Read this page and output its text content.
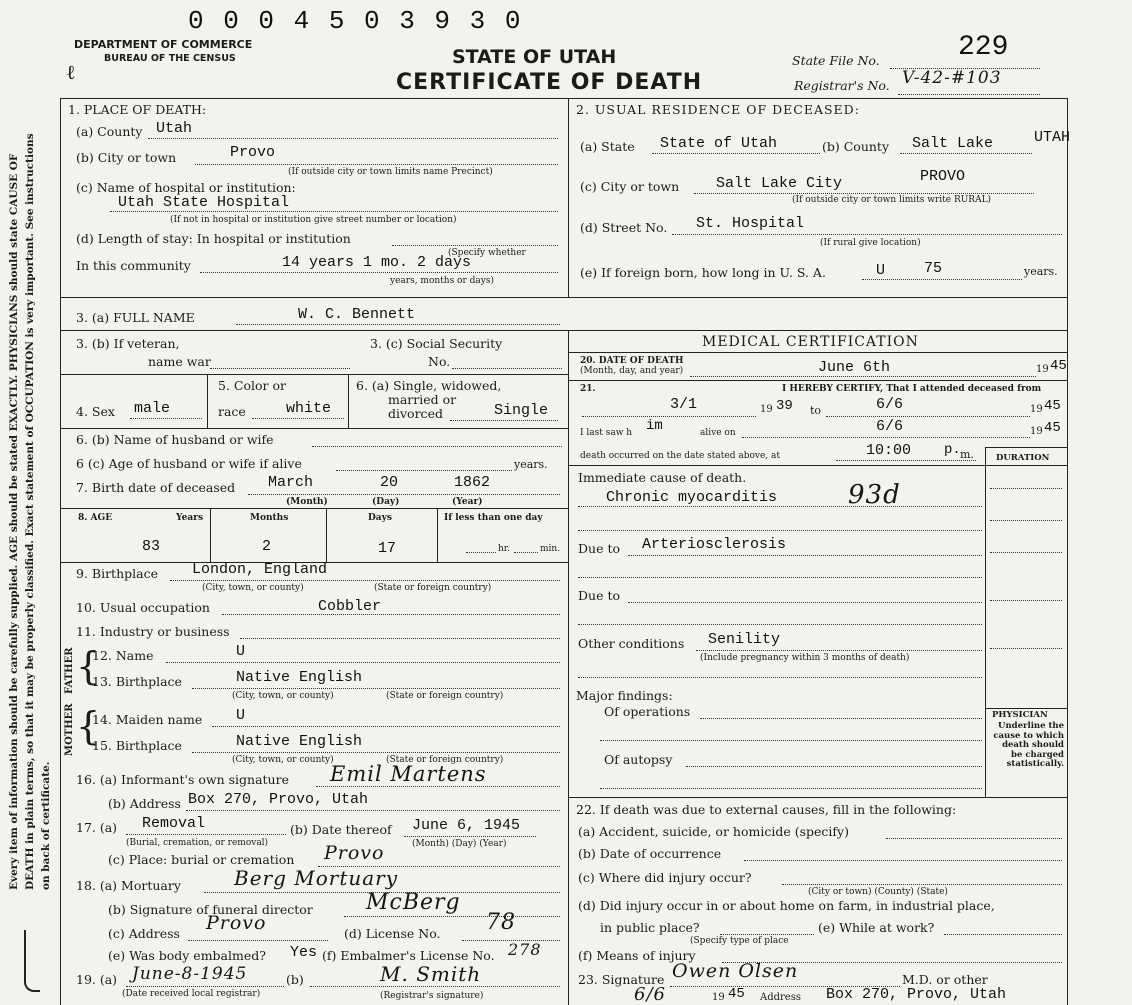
0 0 0 4 5 0 3 9 3 0
DEPARTMENT OF COMMERCE
BUREAU OF THE CENSUS
ℓ
STATE OF UTAH
CERTIFICATE OF DEATH
State File No.	229
Registrar's No. V-42-#103
Every item of information should be carefully supplied. AGE should be stated EXACTLY. PHYSICIANS should state CAUSE OF DEATH in plain terms, so that it may be properly classified. Exact statement of OCCUPATION is very important. See instructions on back of certificate.
1. PLACE OF DEATH:
(a) County Utah
(b) City or town	Provo
(If outside city or town limits name Precinct)
(c) Name of hospital or institution:
Utah State Hospital
(If not in hospital or institution give street number or location)
(d) Length of stay: In hospital or institution
(Specify whether
In this community	14 years 1 mo. 2 days
years, months or days)
2. USUAL RESIDENCE OF DECEASED:
(a) State State of Utah	(b) County Salt Lake	UTAH
(c) City or town Salt Lake City	PROVO
(If outside city or town limits write RURAL)
(d) Street No. St. Hospital
(If rural give location)
(e) If foreign born, how long in U. S. A.	U	75	years.
3. (a) FULL NAME	W. C. Bennett
3. (b) If veteran,
name war
3. (c) Social Security
No.
4. Sex male
5. Color or
race	white
6. (a) Single, widowed,
married or
divorced	Single
6. (b) Name of husband or wife
6 (c) Age of husband or wife if alive	years.
7. Birth date of deceased March	20	1862
(Month)	(Day)	(Year)
8. AGE	Years	Months	Days	If less than one day
83	2	17	hr.	min.
9. Birthplace London, England
(City, town, or county)	(State or foreign country)
10. Usual occupation	Cobbler
11. Industry or business
FATHER
MOTHER
{
{
12. Name	U
13. Birthplace	Native English
(City, town, or county)	(State or foreign country)
14. Maiden name U
15. Birthplace	Native English
(City, town, or county)	(State or foreign country)
16. (a) Informant's own signature Emil Martens
(b) Address Box 270, Provo, Utah
17. (a) Removal
(Burial, cremation, or removal)
(b) Date thereof June 6, 1945
(Month) (Day) (Year)
(c) Place: burial or cremation Provo
18. (a) Mortuary	Berg Mortuary
(b) Signature of funeral director McBerg
(c) Address Provo	(d) License No. 78
(e) Was body embalmed? Yes (f) Embalmer's License No. 278
19. (a) June-8-1945
(Date received local registrar)
(b)	M. Smith
(Registrar's signature)
MEDICAL CERTIFICATION
20. DATE OF DEATH
(Month, day, and year)	June 6th	19 45
21.	I HEREBY CERTIFY, That I attended deceased from
3/1	19 39 to	6/6	19 45
I last saw h im	alive on	6/6	19 45
death occurred on the date stated above, at	10:00 p. m.	DURATION
Immediate cause of death.
Chronic myocarditis	93d
Due to Arteriosclerosis
Due to
Other conditions Senility
(Include pregnancy within 3 months of death)
Major findings:
Of operations
Of autopsy
PHYSICIAN
Underline the cause to which death should be charged statistically.
22. If death was due to external causes, fill in the following:
(a) Accident, suicide, or homicide (specify)
(b) Date of occurrence
(c) Where did injury occur?
(City or town) (County) (State)
(d) Did injury occur in or about home on farm, in industrial place,
in public place?
(Specify type of place
(e) While at work?
(f) Means of injury
23. Signature Owen Olsen	M.D. or other
6/6	19 45 Address Box 270, Provo, Utah
